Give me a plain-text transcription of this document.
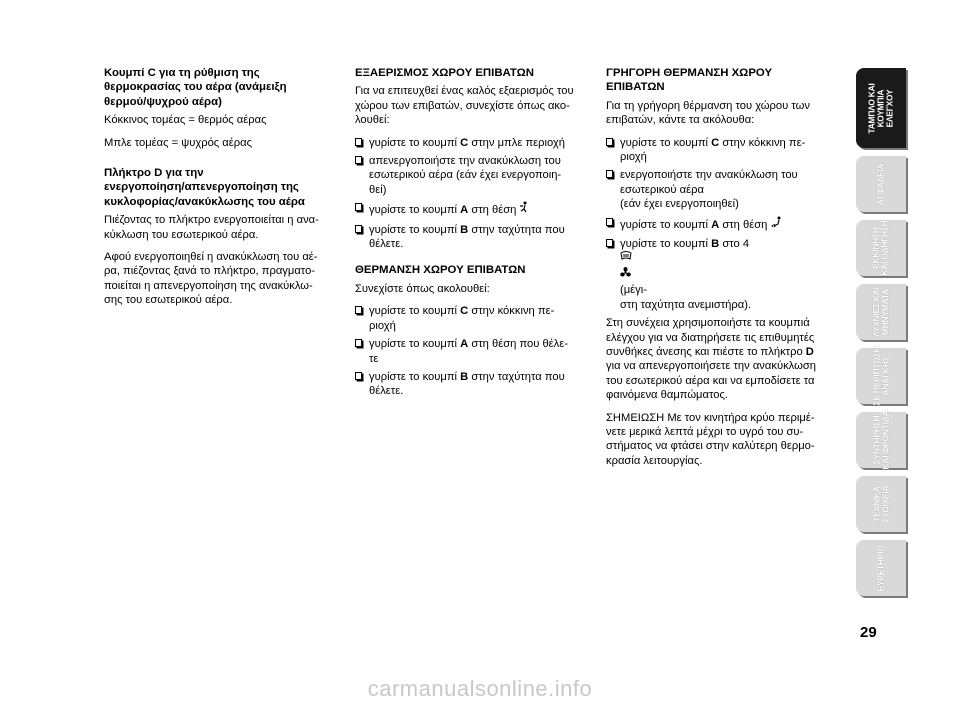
Κουμπί C για τη ρύθμιση της
θερμοκρασίας του αέρα (ανάμειξη
θερμού/ψυχρού αέρα)

Κόκκινος τομέας = θερμός αέρας

Μπλε τομέας = ψυχρός αέρας

Πλήκτρο D για την
ενεργοποίηση/απενεργοποίηση της
κυκλοφορίας/ανακύκλωσης του αέρα

Πιέζοντας το πλήκτρο ενεργοποιείται η ανα-
κύκλωση του εσωτερικού αέρα.

Αφού ενεργοποιηθεί η ανακύκλωση του αέ-
ρα, πιέζοντας ξανά το πλήκτρο, πραγματο-
ποιείται η απενεργοποίηση της ανακύκλω-
σης του εσωτερικού αέρα.

ΕΞΑΕΡΙΣΜΟΣ ΧΩΡΟΥ ΕΠΙΒΑΤΩΝ

Για να επιτευχθεί ένας καλός εξαερισμός του
χώρου των επιβατών, συνεχίστε όπως ακο-
λουθεί:

γυρίστε το κουμπί C στην μπλε περιοχή
απενεργοποιήστε την ανακύκλωση του
εσωτερικού αέρα (εάν έχει ενεργοποιη-
θεί)
γυρίστε το κουμπί A στη θέση
γυρίστε το κουμπί B στην ταχύτητα που
θέλετε.
ΘΕΡΜΑΝΣΗ ΧΩΡΟΥ ΕΠΙΒΑΤΩΝ

Συνεχίστε όπως ακολουθεί:

γυρίστε το κουμπί C στην κόκκινη πε-
ριοχή
γυρίστε το κουμπί A στη θέση που θέλε-
τε
γυρίστε το κουμπί B στην ταχύτητα που
θέλετε.
ΓΡΗΓΟΡΗ ΘΕΡΜΑΝΣΗ ΧΩΡΟΥ
ΕΠΙΒΑΤΩΝ

Για τη γρήγορη θέρμανση του χώρου των
επιβατών, κάντε τα ακόλουθα:

γυρίστε το κουμπί C στην κόκκινη πε-
ριοχή
ενεργοποιήστε την ανακύκλωση του
εσωτερικού αέρα
(εάν έχει ενεργοποιηθεί)
γυρίστε το κουμπί A στη θέση
γυρίστε το κουμπί B στο 4
(μέγι-
στη ταχύτητα ανεμιστήρα).

Στη συνέχεια χρησιμοποιήστε τα κουμπιά
ελέγχου για να διατηρήσετε τις επιθυμητές
συνθήκες άνεσης και πιέστε το πλήκτρο D
για να απενεργοποιήσετε την ανακύκλωση
του εσωτερικού αέρα και να εμποδίσετε τα
φαινόμενα θαμπώματος.

ΣΗΜΕΙΩΣΗ Με τον κινητήρα κρύο περιμέ-
νετε μερικά λεπτά μέχρι το υγρό του συ-
στήματος να φτάσει στην καλύτερη θερμο-
κρασία λειτουργίας.

ΤΑΜΠΛΟ ΚΑΙ ΚΟΥΜΠΙΑ ΕΛΕΓΧΟΥ
ΑΣΦΑΛΕΙΑ
ΕΚΚΙΝΗΣΗ ΚΑΙ ΟΔΗΓΗΣΗ
ΛΥΧΝΙΕΣ ΚΑΙ ΜΗΝΥΜΑΤΑ
ΣΕ ΠΕΡΙΠΤΩΣΗ ΑΝΑΓΚΗΣ
ΣΥΝΤΗΡΗΣΗ ΚΑΙ ΦΡΟΝΤΙΔΑ
ΤΕΧΝΙΚΑ ΣΤΟΙΧΕΙΑ
ΕΥΡΕΤΗΡΙΟ
29
carmanualsonline.info
